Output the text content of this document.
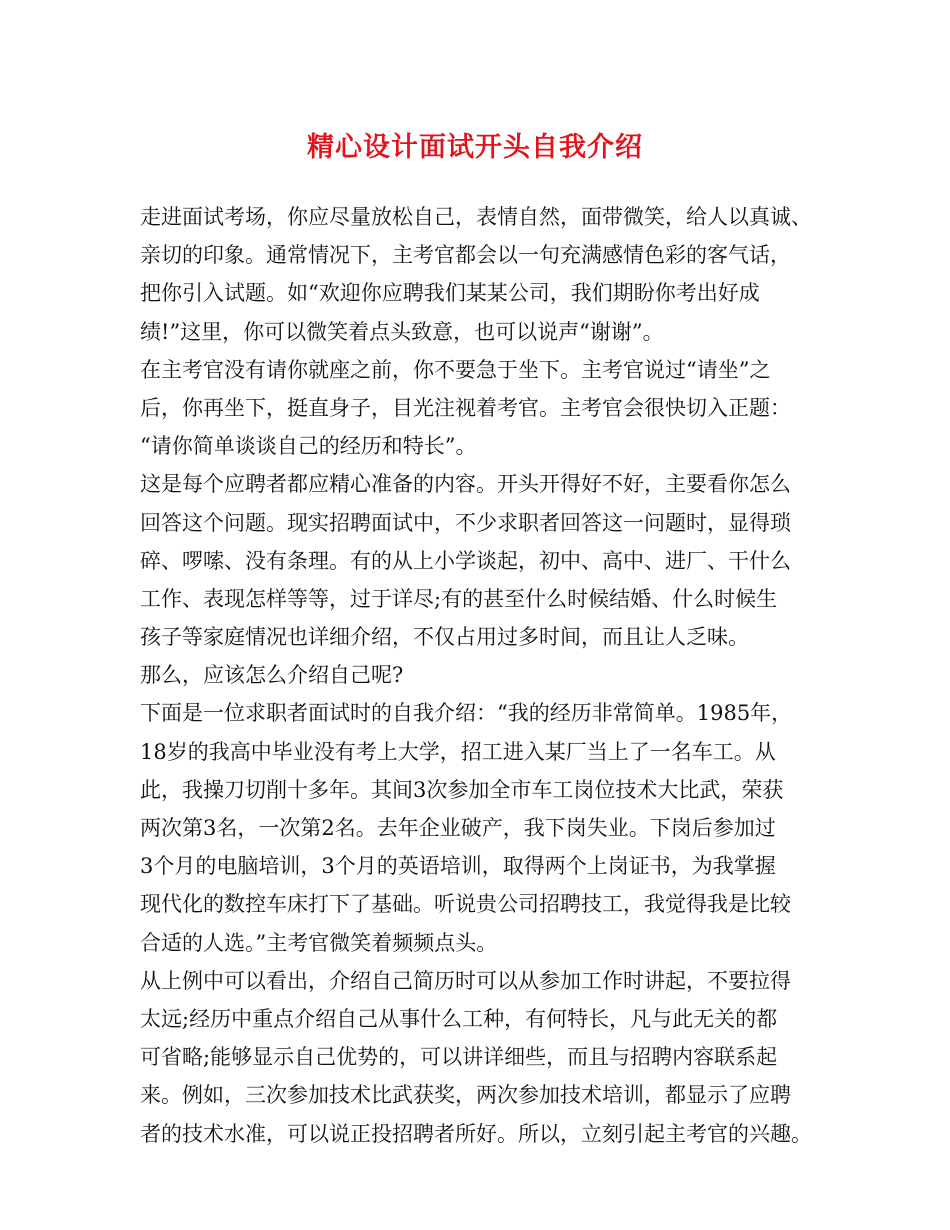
精心设计面试开头自我介绍
走进面试考场，你应尽量放松自己，表情自然，面带微笑，给人以真诚、
亲切的印象。通常情况下，主考官都会以一句充满感情色彩的客气话，
把你引入试题。如“欢迎你应聘我们某某公司，我们期盼你考出好成
绩!”这里，你可以微笑着点头致意，也可以说声“谢谢”。
在主考官没有请你就座之前，你不要急于坐下。主考官说过“请坐”之
后，你再坐下，挺直身子，目光注视着考官。主考官会很快切入正题：
“请你简单谈谈自己的经历和特长”。
这是每个应聘者都应精心准备的内容。开头开得好不好，主要看你怎么
回答这个问题。现实招聘面试中，不少求职者回答这一问题时，显得琐
碎、啰嗦、没有条理。有的从上小学谈起，初中、高中、进厂、干什么
工作、表现怎样等等，过于详尽;有的甚至什么时候结婚、什么时候生
孩子等家庭情况也详细介绍，不仅占用过多时间，而且让人乏味。
那么，应该怎么介绍自己呢?
下面是一位求职者面试时的自我介绍：“我的经历非常简单。1985年，
18岁的我高中毕业没有考上大学，招工进入某厂当上了一名车工。从
此，我操刀切削十多年。其间3次参加全市车工岗位技术大比武，荣获
两次第3名，一次第2名。去年企业破产，我下岗失业。下岗后参加过
3个月的电脑培训，3个月的英语培训，取得两个上岗证书，为我掌握
现代化的数控车床打下了基础。听说贵公司招聘技工，我觉得我是比较
合适的人选。”主考官微笑着频频点头。
从上例中可以看出，介绍自己简历时可以从参加工作时讲起，不要拉得
太远;经历中重点介绍自己从事什么工种，有何特长，凡与此无关的都
可省略;能够显示自己优势的，可以讲详细些，而且与招聘内容联系起
来。例如，三次参加技术比武获奖，两次参加技术培训，都显示了应聘
者的技术水准，可以说正投招聘者所好。所以，立刻引起主考官的兴趣。
